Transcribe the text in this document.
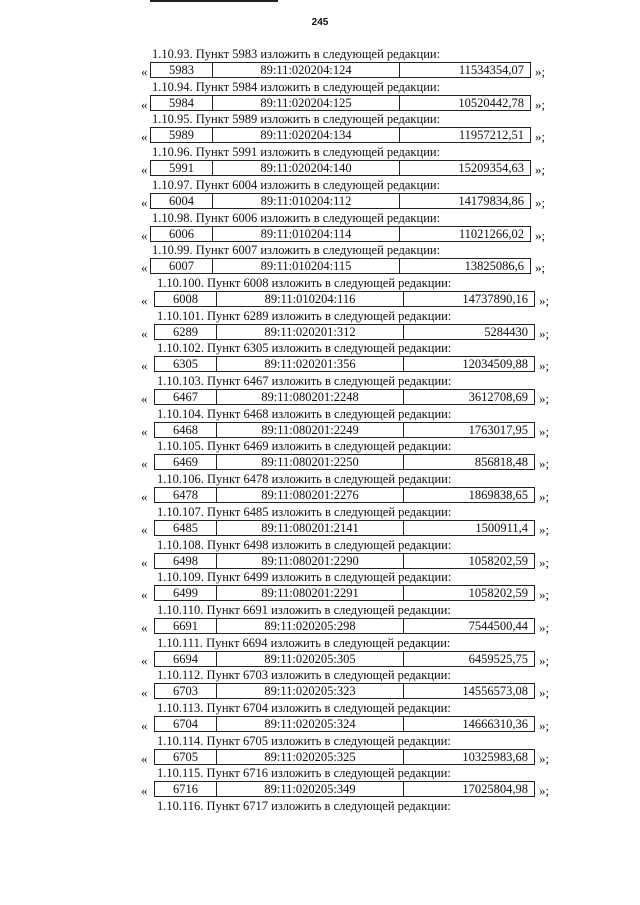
245
1.10.93. Пункт 5983 изложить в следующей редакции:
«	5983	89:11:020204:124	11534354,07 »;
1.10.94. Пункт 5984 изложить в следующей редакции:
«	5984	89:11:020204:125	10520442,78 »;
1.10.95. Пункт 5989 изложить в следующей редакции:
«	5989	89:11:020204:134	11957212,51 »;
1.10.96. Пункт 5991 изложить в следующей редакции:
«	5991	89:11:020204:140	15209354,63 »;
1.10.97. Пункт 6004 изложить в следующей редакции:
«	6004	89:11:010204:112	14179834,86 »;
1.10.98. Пункт 6006 изложить в следующей редакции:
«	6006	89:11:010204:114	11021266,02 »;
1.10.99. Пункт 6007 изложить в следующей редакции:
«	6007	89:11:010204:115	13825086,6 »;
1.10.100. Пункт 6008 изложить в следующей редакции:
«	6008	89:11:010204:116	14737890,16 »;
1.10.101. Пункт 6289 изложить в следующей редакции:
«	6289	89:11:020201:312	5284430 »;
1.10.102. Пункт 6305 изложить в следующей редакции:
«	6305	89:11:020201:356	12034509,88 »;
1.10.103. Пункт 6467 изложить в следующей редакции:
«	6467	89:11:080201:2248	3612708,69 »;
1.10.104. Пункт 6468 изложить в следующей редакции:
«	6468	89:11:080201:2249	1763017,95 »;
1.10.105. Пункт 6469 изложить в следующей редакции:
«	6469	89:11:080201:2250	856818,48 »;
1.10.106. Пункт 6478 изложить в следующей редакции:
«	6478	89:11:080201:2276	1869838,65 »;
1.10.107. Пункт 6485 изложить в следующей редакции:
«	6485	89:11:080201:2141	1500911,4 »;
1.10.108. Пункт 6498 изложить в следующей редакции:
«	6498	89:11:080201:2290	1058202,59 »;
1.10.109. Пункт 6499 изложить в следующей редакции:
«	6499	89:11:080201:2291	1058202,59 »;
1.10.110. Пункт 6691 изложить в следующей редакции:
«	6691	89:11:020205:298	7544500,44 »;
1.10.111. Пункт 6694 изложить в следующей редакции:
«	6694	89:11:020205:305	6459525,75 »;
1.10.112. Пункт 6703 изложить в следующей редакции:
«	6703	89:11:020205:323	14556573,08 »;
1.10.113. Пункт 6704 изложить в следующей редакции:
«	6704	89:11:020205:324	14666310,36 »;
1.10.114. Пункт 6705 изложить в следующей редакции:
«	6705	89:11:020205:325	10325983,68 »;
1.10.115. Пункт 6716 изложить в следующей редакции:
«	6716	89:11:020205:349	17025804,98 »;
1.10.116. Пункт 6717 изложить в следующей редакции:
